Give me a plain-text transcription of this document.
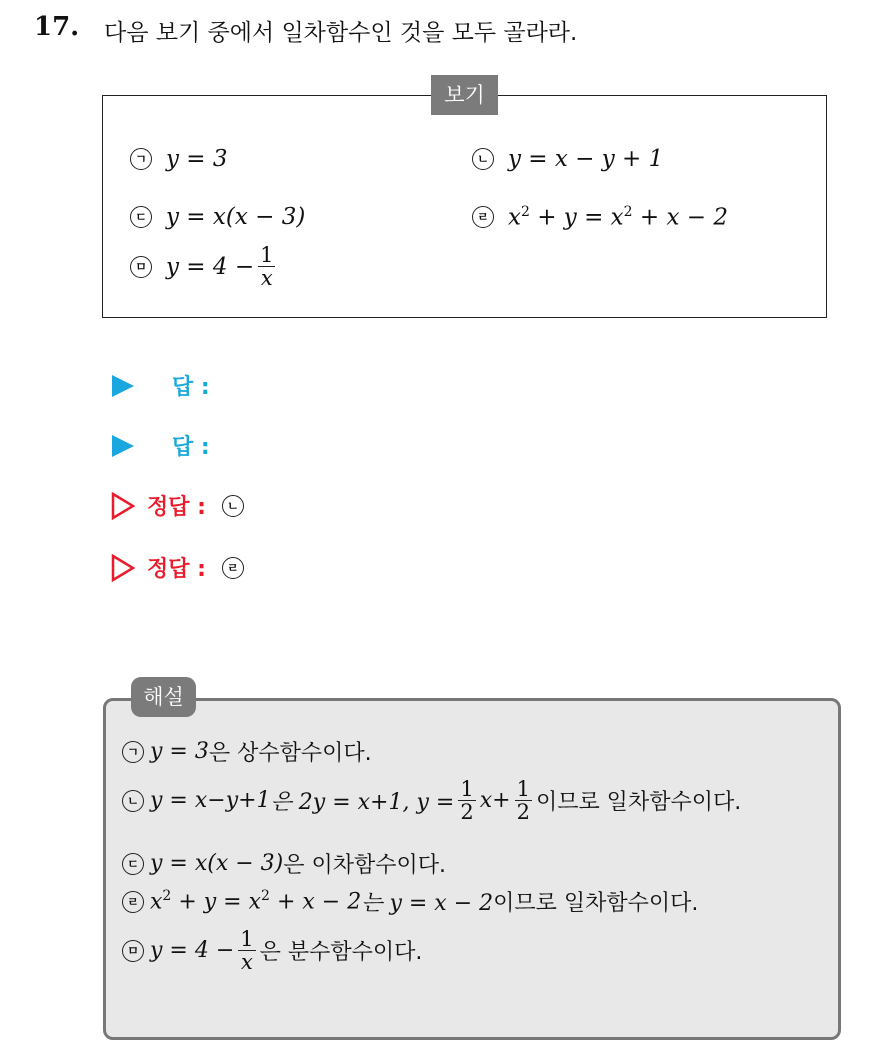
17. 다음 보기 중에서 일차함수인 것을 모두 골라라.
보기
ㄱ y = 3	ㄴ y = x − y + 1
ㄷ y = x(x − 3)	ㄹ $x^2 + y = x^2 + x - 2$
ㅁ $y = 4 - \frac{1}{x}$
답 :
답 :
정답 :	ㄴ
정답 :	ㄹ
해설
ㄱ y = 3 은 상수함수이다.
ㄴ y = x−y+1 은 2y = x+1, $y = \frac{1}{2} x+ \frac{1}{2}$ 이므로 일차함수이다.
ㄷ y = x(x − 3) 은 이차함수이다.
ㄹ $x^2 + y = x^2 + x - 2$ 는 y = x − 2 이므로 일차함수이다.
ㅁ $y = 4 - \frac{1}{x}$ 은 분수함수이다.
